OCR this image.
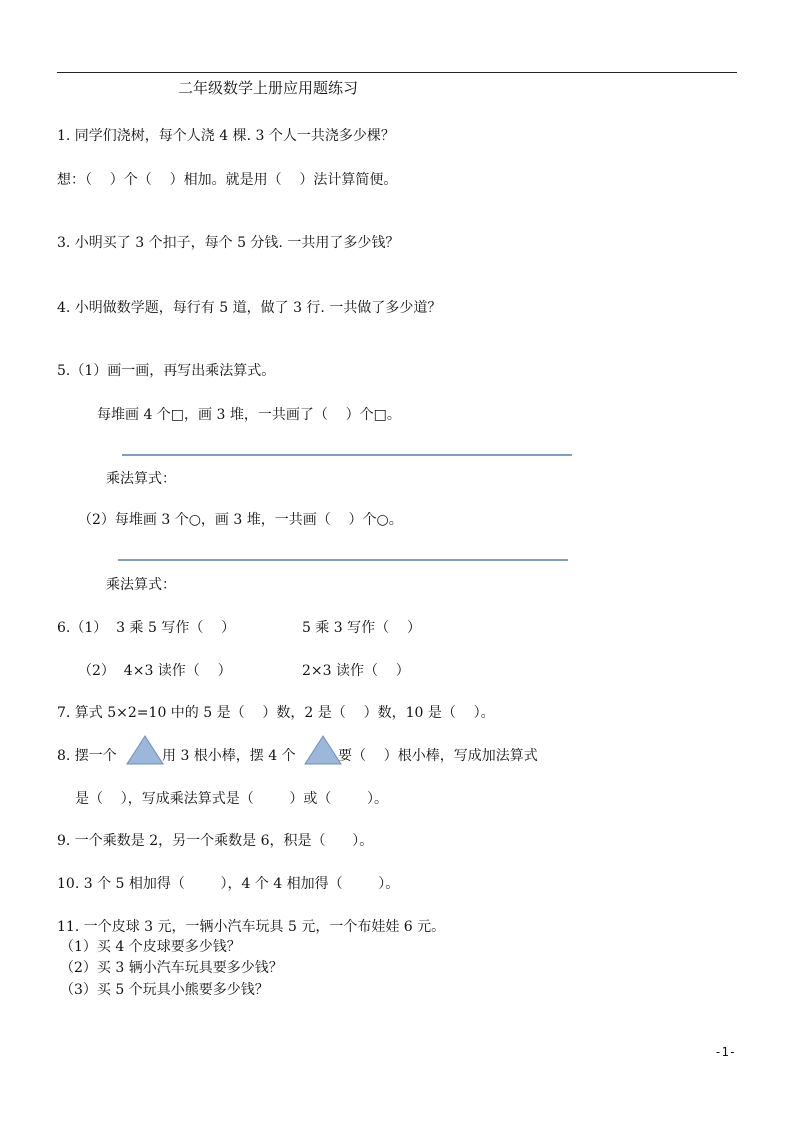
二年级数学上册应用题练习
1. 同学们浇树，每个人浇 4 棵. 3 个人一共浇多少棵？
想：（    ）个（    ）相加。就是用（    ）法计算简便。
3. 小明买了 3 个扣子，每个 5 分钱. 一共用了多少钱？
4. 小明做数学题，每行有 5 道，做了 3 行. 一共做了多少道？
5.（1）画一画，再写出乘法算式。
每堆画 4 个□，画 3 堆，一共画了（    ）个□。
乘法算式：
（2）每堆画 3 个○，画 3 堆，一共画（    ）个○。
乘法算式：
6.（1）  3 乘 5 写作（    ）	5 乘 3 写作（    ）
（2）  4×3 读作（    ）	2×3 读作（    ）
7. 算式 5×2=10 中的 5 是（    ）数，2 是（    ）数，10 是（    ）。
8. 摆一个	用 3 根小棒，摆 4 个	要（    ）根小棒，写成加法算式
是（    ），写成乘法算式是（        ）或（        ）。
9. 一个乘数是 2，另一个乘数是 6，积是（      ）。
10. 3 个 5 相加得（        ），4 个 4 相加得（        ）。
11. 一个皮球 3 元，一辆小汽车玩具 5 元，一个布娃娃 6 元。
（1）买 4 个皮球要多少钱？
（2）买 3 辆小汽车玩具要多少钱？
（3）买 5 个玩具小熊要多少钱？
-1-
